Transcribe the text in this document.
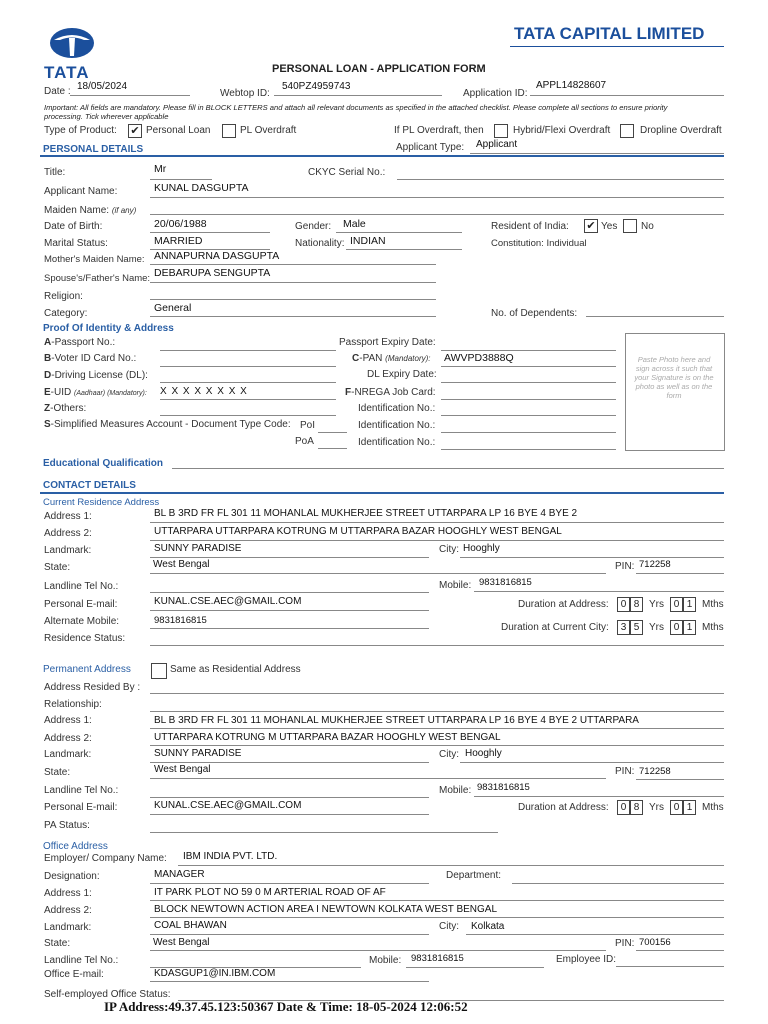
TATA
TATA CAPITAL LIMITED
PERSONAL LOAN - APPLICATION FORM
Date : 18/05/2024
Webtop ID:
540PZ4959743
Application ID:
APPL14828607
Important: All fields are mandatory. Please fill in BLOCK LETTERS and attach all relevant documents as specified in the attached checklist. Please complete all sections to ensure priority
processing. Tick wherever applicable
Type of Product: ✔ Personal Loan	PL Overdraft	If PL Overdraft, then	Hybrid/Flexi Overdraft	Dropline Overdraft
PERSONAL DETAILS	Applicant Type: Applicant
Title:	Mr	CKYC Serial No.:
Applicant Name:	KUNAL DASGUPTA
Maiden Name: (if any)
Date of Birth:	20/06/1988	Gender: Male	Resident of India: ✔ Yes No
Marital Status:	MARRIED	Nationality: INDIAN	Constitution: Individual
Mother's Maiden Name: ANNAPURNA DASGUPTA
Spouse's/Father's Name: DEBARUPA SENGUPTA
Religion:
Category:	General	No. of Dependents:
Proof Of Identity & Address
A-Passport No.:	Passport Expiry Date:
B-Voter ID Card No.:	C-PAN (Mandatory): AWVPD3888Q
D-Driving License (DL):	DL Expiry Date:
E-UID (Aadhaar) (Mandatory): X X X X X X X X	F-NREGA Job Card:
Z-Others:	Identification No.:
S-Simplified Measures Account - Document Type Code: PoI	Identification No.:
PoA	Identification No.:
Paste Photo here and sign across it such that your Signature is on the photo as well as on the form
Educational Qualification
CONTACT DETAILS
Current Residence Address
Address 1:	BL B 3RD FR FL 301 11 MOHANLAL MUKHERJEE STREET UTTARPARA LP 16 BYE 4 BYE 2
Address 2:	UTTARPARA UTTARPARA KOTRUNG M UTTARPARA BAZAR HOOGHLY WEST BENGAL
Landmark:	SUNNY PARADISE	City: Hooghly
State:	West Bengal	PIN: 712258
Landline Tel No.:	Mobile: 9831816815
Personal E-mail:	KUNAL.CSE.AEC@GMAIL.COM	Duration at Address:	0 8 Yrs 0 1 Mths
Alternate Mobile:	9831816815
Duration at Current City:	3 5 Yrs 0 1 Mths
Residence Status:
Permanent Address	Same as Residential Address
Address Resided By :
Relationship:
Address 1:	BL B 3RD FR FL 301 11 MOHANLAL MUKHERJEE STREET UTTARPARA LP 16 BYE 4 BYE 2 UTTARPARA
Address 2:	UTTARPARA KOTRUNG M UTTARPARA BAZAR HOOGHLY WEST BENGAL
Landmark:	SUNNY PARADISE	City: Hooghly
State:	West Bengal	PIN: 712258
Landline Tel No.:	Mobile: 9831816815
Personal E-mail:	KUNAL.CSE.AEC@GMAIL.COM	Duration at Address:	0 8 Yrs 0 1 Mths
PA Status:
Office Address
Employer/ Company Name: IBM INDIA PVT. LTD.
Designation:	MANAGER	Department:
Address 1:	IT PARK PLOT NO 59 0 M ARTERIAL ROAD OF AF
Address 2:	BLOCK NEWTOWN ACTION AREA I NEWTOWN KOLKATA WEST BENGAL
Landmark:	COAL BHAWAN	City: Kolkata
State:	West Bengal	PIN: 700156
Landline Tel No.:	Mobile: 9831816815	Employee ID:
Office E-mail:	KDASGUP1@IN.IBM.COM
Self-employed Office Status:
IP Address:49.37.45.123:50367 Date & Time: 18-05-2024 12:06:52
